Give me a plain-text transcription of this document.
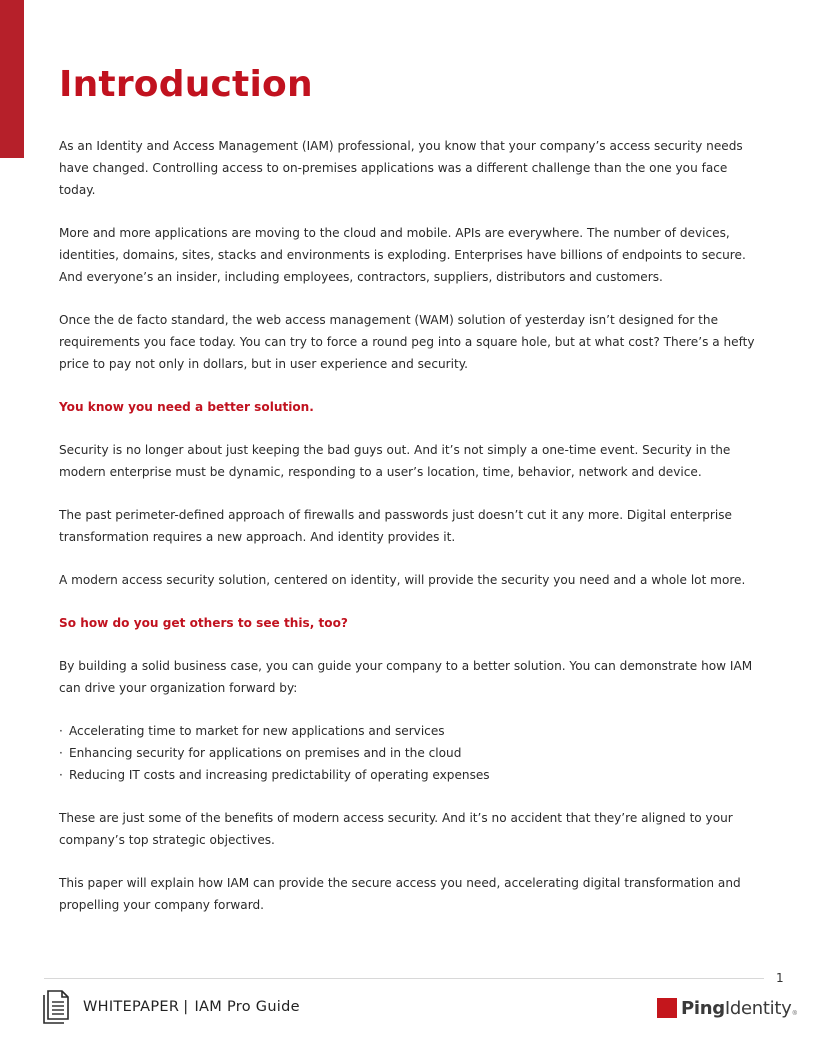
Introduction

As an Identity and Access Management (IAM) professional, you know that your company’s access security needs have changed. Controlling access to on-premises applications was a different challenge than the one you face today.

More and more applications are moving to the cloud and mobile. APIs are everywhere. The number of devices, identities, domains, sites, stacks and environments is exploding. Enterprises have billions of endpoints to secure. And everyone’s an insider, including employees, contractors, suppliers, distributors and customers.

Once the de facto standard, the web access management (WAM) solution of yesterday isn’t designed for the requirements you face today. You can try to force a round peg into a square hole, but at what cost? There’s a hefty price to pay not only in dollars, but in user experience and security.

You know you need a better solution.

Security is no longer about just keeping the bad guys out. And it’s not simply a one-time event. Security in the modern enterprise must be dynamic, responding to a user’s location, time, behavior, network and device.

The past perimeter-defined approach of firewalls and passwords just doesn’t cut it any more. Digital enterprise transformation requires a new approach. And identity provides it.

A modern access security solution, centered on identity, will provide the security you need and a whole lot more.

So how do you get others to see this, too?

By building a solid business case, you can guide your company to a better solution. You can demonstrate how IAM can drive your organization forward by:

· Accelerating time to market for new applications and services
· Enhancing security for applications on premises and in the cloud
· Reducing IT costs and increasing predictability of operating expenses

These are just some of the benefits of modern access security. And it’s no accident that they’re aligned to your company’s top strategic objectives.

This paper will explain how IAM can provide the secure access you need, accelerating digital transformation and propelling your company forward.

1
WHITEPAPER | IAM Pro Guide	PingIdentity ®
